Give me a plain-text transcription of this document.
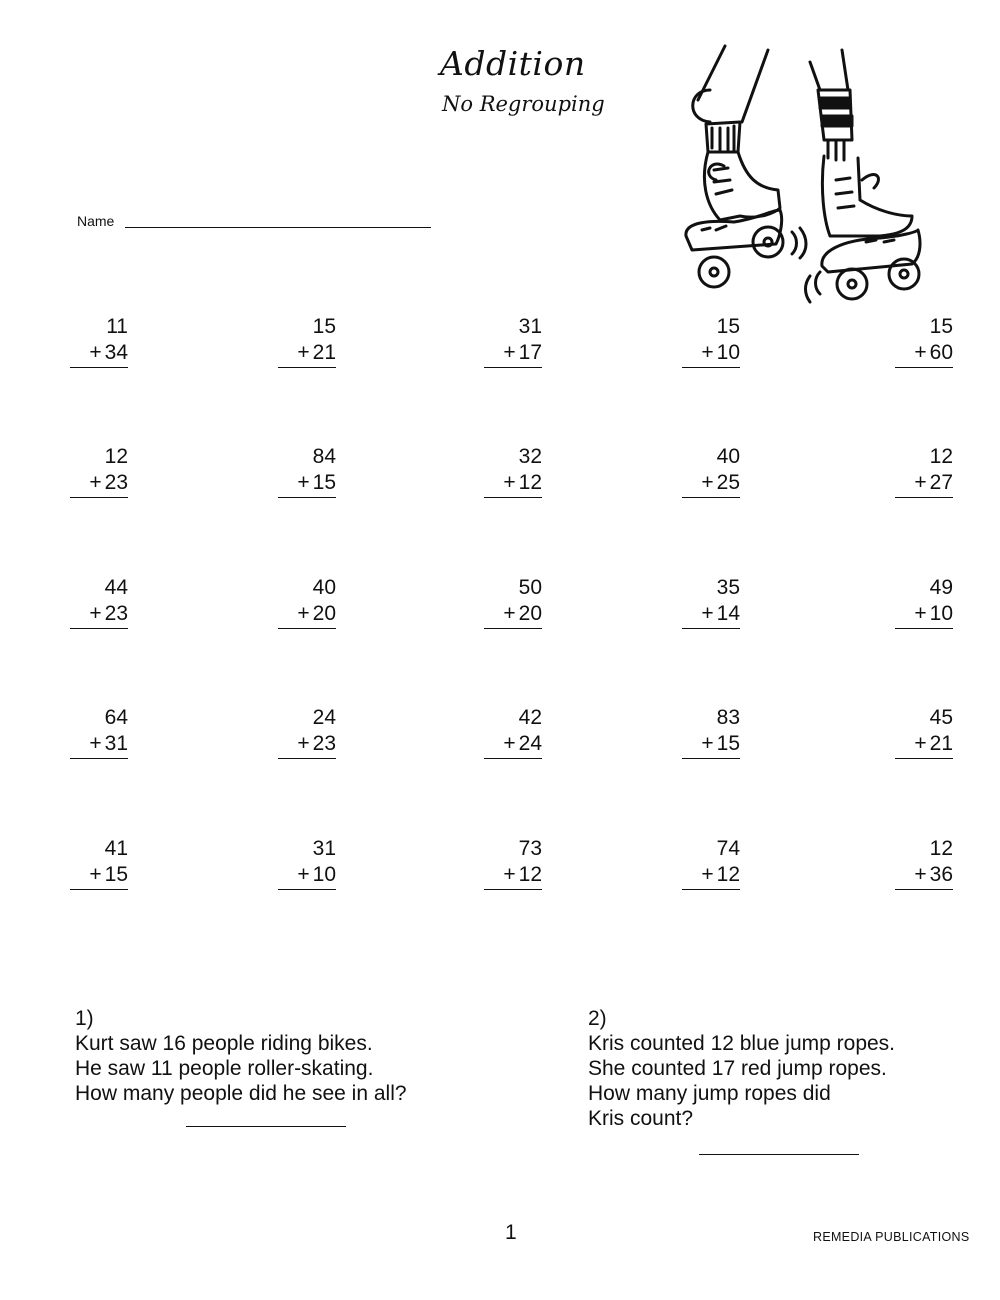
Addition
No Regrouping
Name
11
+ 34
15
+ 21
31
+ 17
15
+ 10
15
+ 60
12
+ 23
84
+ 15
32
+ 12
40
+ 25
12
+ 27
44
+ 23
40
+ 20
50
+ 20
35
+ 14
49
+ 10
64
+ 31
24
+ 23
42
+ 24
83
+ 15
45
+ 21
41
+ 15
31
+ 10
73
+ 12
74
+ 12
12
+ 36
1)
Kurt saw 16 people riding bikes.
He saw 11 people roller-skating.
How many people did he see in all?
2)
Kris counted 12 blue jump ropes.
She counted 17 red jump ropes.
How many jump ropes did
Kris count?
1	REMEDIA PUBLICATIONS
